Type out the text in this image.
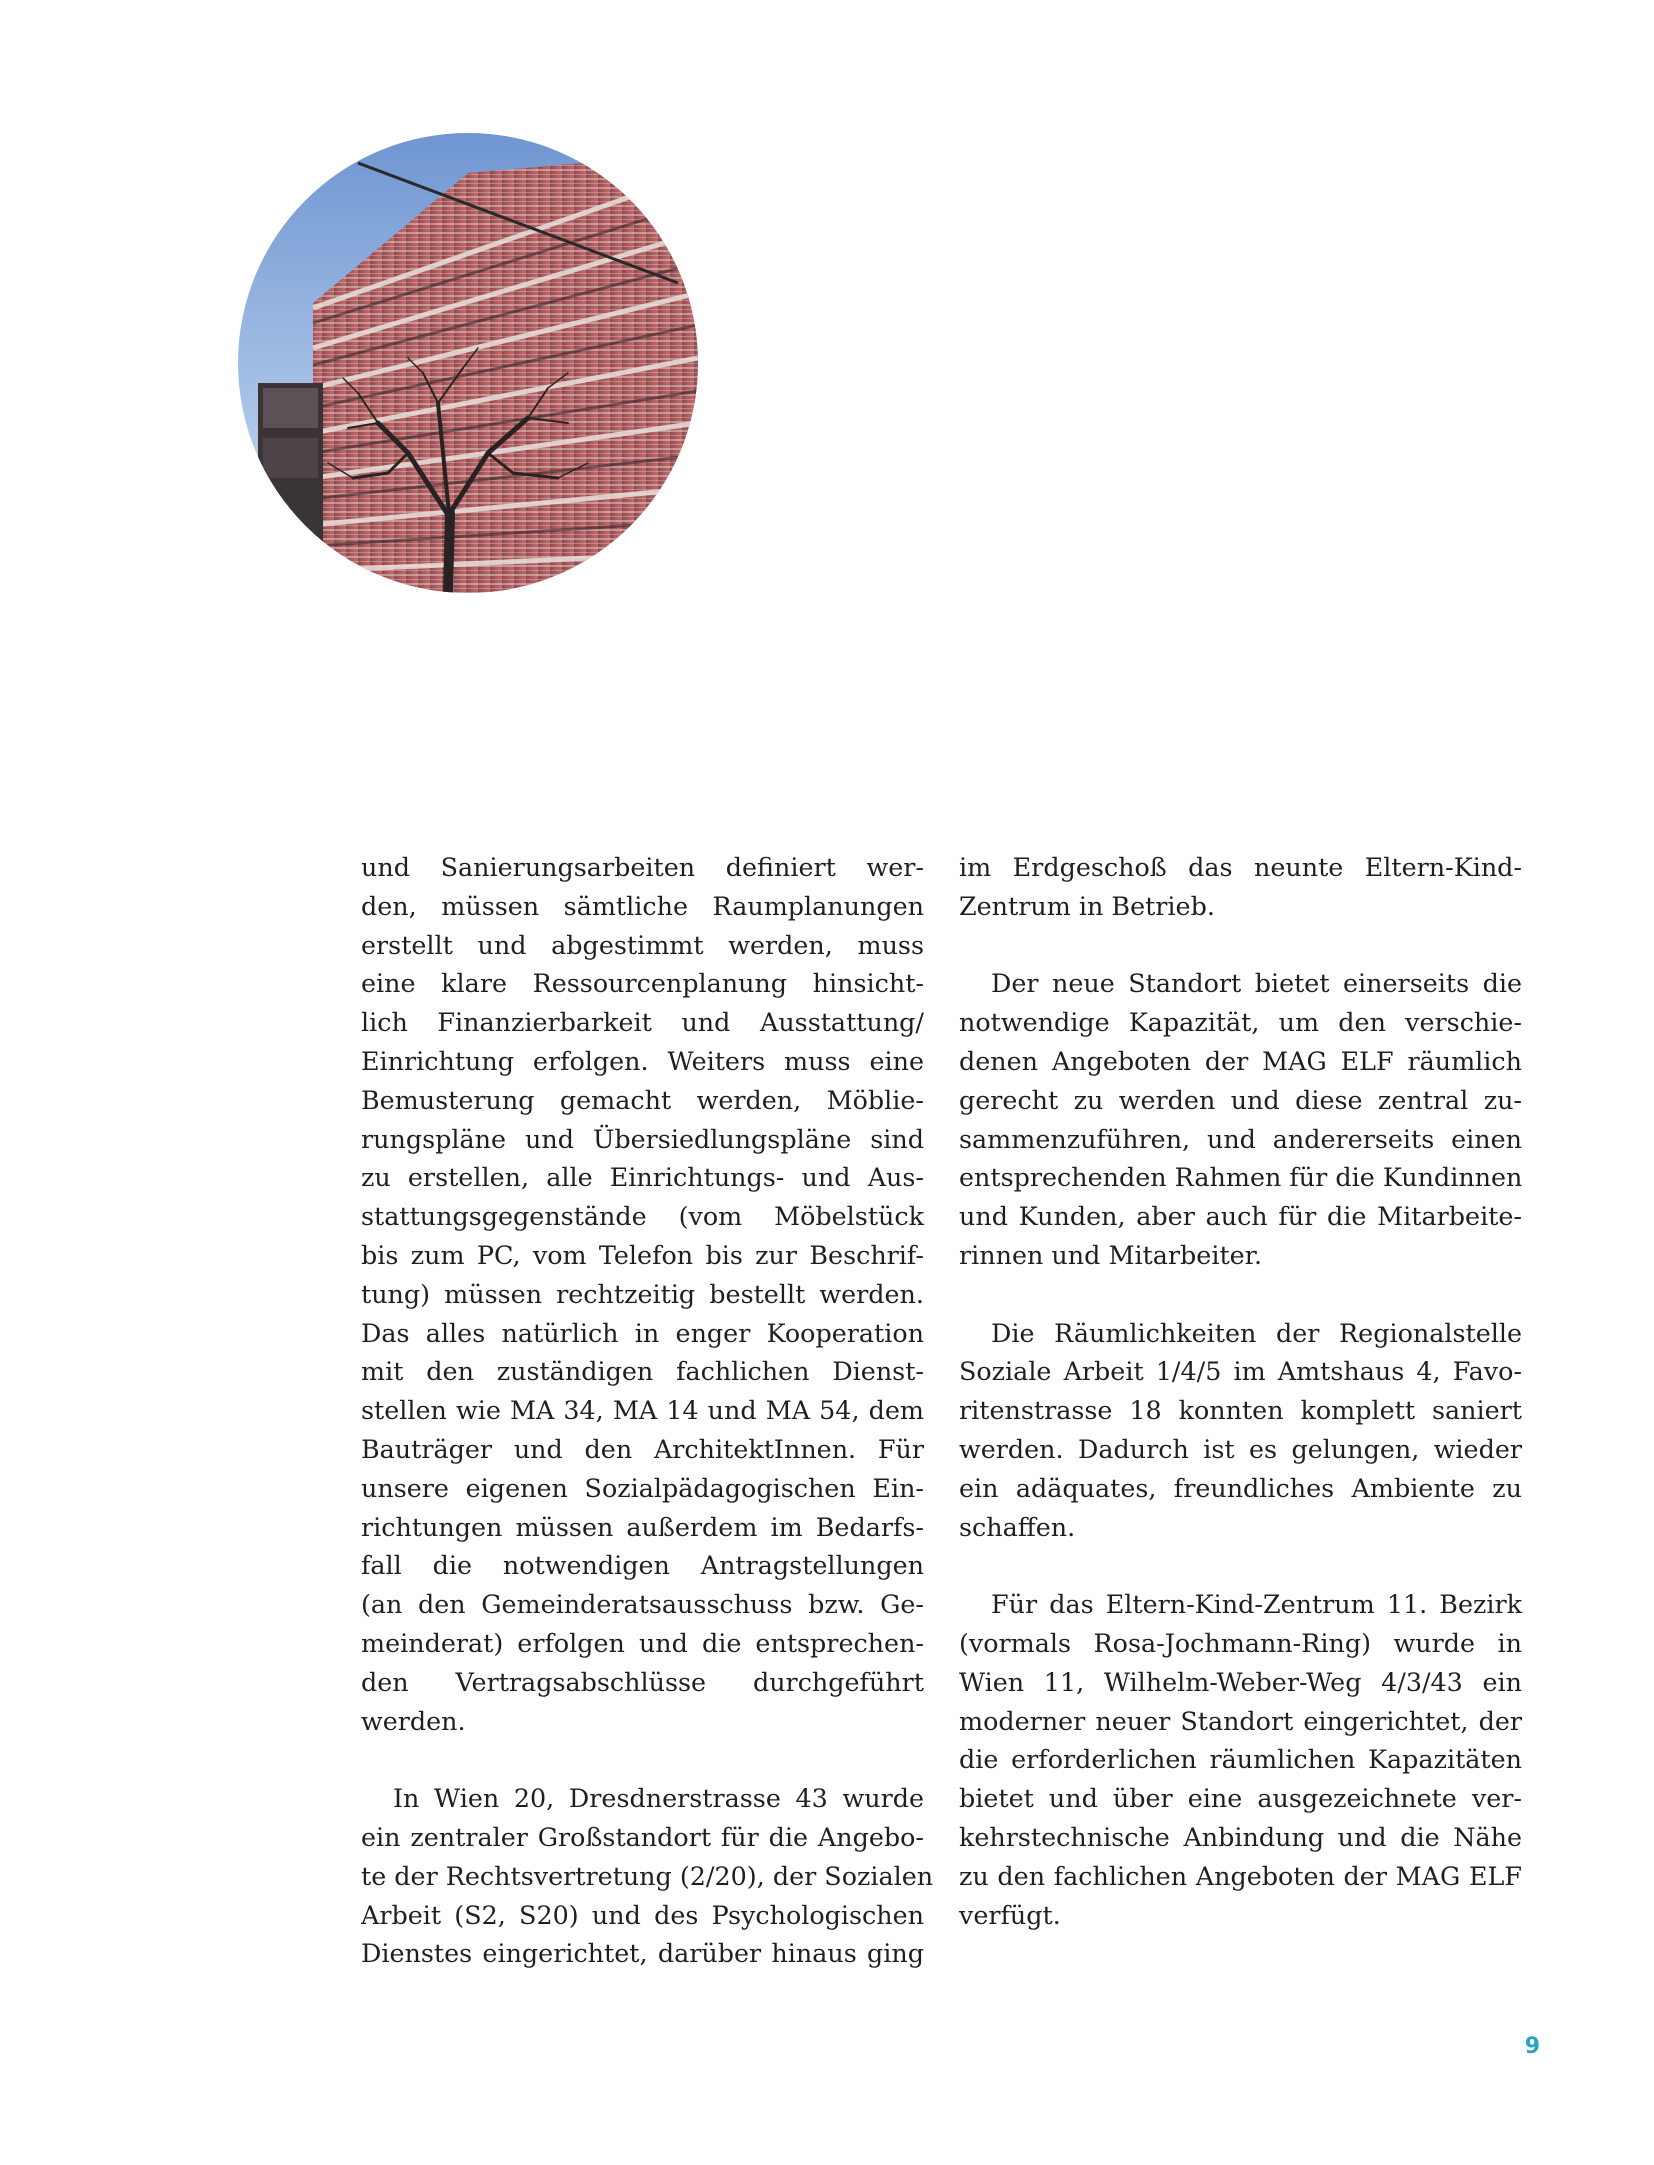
und Sanierungsarbeiten definiert wer-
den, müssen sämtliche Raumplanungen
erstellt und abgestimmt werden, muss
eine klare Ressourcenplanung hinsicht-
lich Finanzierbarkeit und Ausstattung/
Einrichtung erfolgen. Weiters muss eine
Bemusterung gemacht werden, Möblie-
rungspläne und Übersiedlungspläne sind
zu erstellen, alle Einrichtungs- und Aus-
stattungsgegenstände (vom Möbelstück
bis zum PC, vom Telefon bis zur Beschrif-
tung) müssen rechtzeitig bestellt werden.
Das alles natürlich in enger Kooperation
mit den zuständigen fachlichen Dienst-
stellen wie MA 34, MA 14 und MA 54, dem
Bauträger und den ArchitektInnen. Für
unsere eigenen Sozialpädagogischen Ein-
richtungen müssen außerdem im Bedarfs-
fall die notwendigen Antragstellungen
(an den Gemeinderatsausschuss bzw. Ge-
meinderat) erfolgen und die entsprechen-
den Vertragsabschlüsse durchgeführt
werden.
In Wien 20, Dresdnerstrasse 43 wurde
ein zentraler Großstandort für die Angebo-
te der Rechtsvertretung (2/20), der Sozialen
Arbeit (S2, S20) und des Psychologischen
Dienstes eingerichtet, darüber hinaus ging
im Erdgeschoß das neunte Eltern-Kind-
Zentrum in Betrieb.
Der neue Standort bietet einerseits die
notwendige Kapazität, um den verschie-
denen Angeboten der MAG ELF räumlich
gerecht zu werden und diese zentral zu-
sammenzuführen, und andererseits einen
entsprechenden Rahmen für die Kundinnen
und Kunden, aber auch für die Mitarbeite-
rinnen und Mitarbeiter.
Die Räumlichkeiten der Regionalstelle
Soziale Arbeit 1/4/5 im Amtshaus 4, Favo-
ritenstrasse 18 konnten komplett saniert
werden. Dadurch ist es gelungen, wieder
ein adäquates, freundliches Ambiente zu
schaffen.
Für das Eltern-Kind-Zentrum 11. Bezirk
(vormals Rosa-Jochmann-Ring) wurde in
Wien 11, Wilhelm-Weber-Weg 4/3/43 ein
moderner neuer Standort eingerichtet, der
die erforderlichen räumlichen Kapazitäten
bietet und über eine ausgezeichnete ver-
kehrstechnische Anbindung und die Nähe
zu den fachlichen Angeboten der MAG ELF
verfügt.
9
